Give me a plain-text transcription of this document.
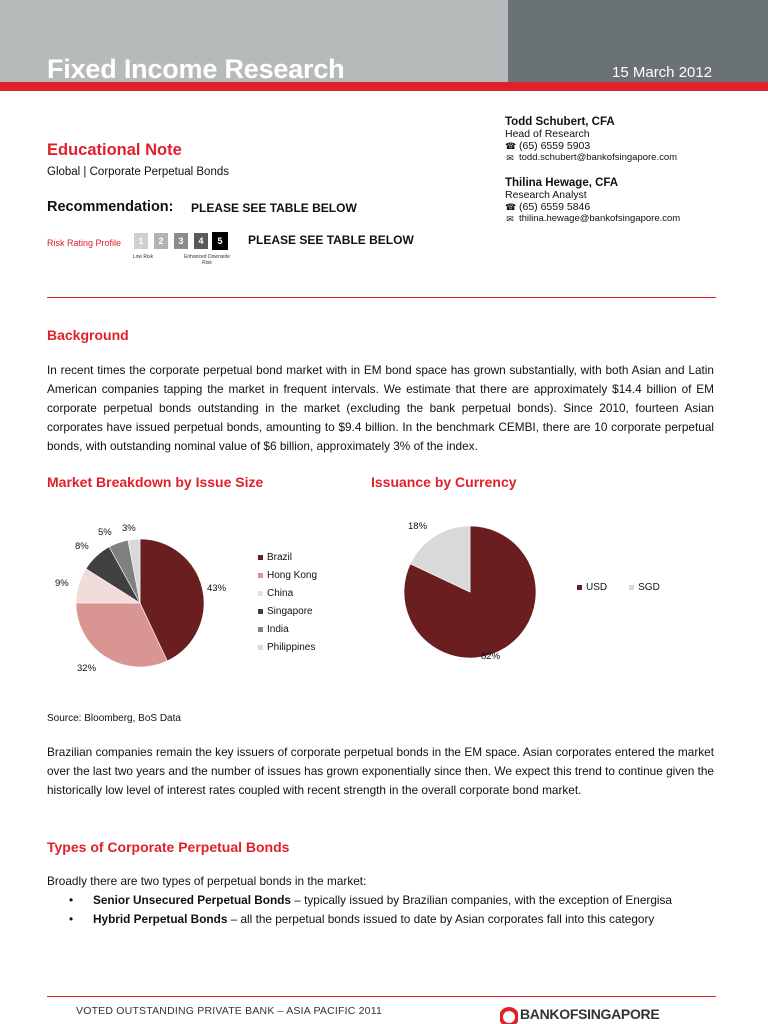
Fixed Income Research	15 March 2012
Todd Schubert, CFA
Head of Research
☎ (65) 6559 5903
✉ todd.schubert@bankofsingapore.com
Thilina Hewage, CFA
Research Analyst
☎ (65) 6559 5846
✉ thilina.hewage@bankofsingapore.com
Educational Note
Global | Corporate Perpetual Bonds
Recommendation: PLEASE SEE TABLE BELOW
Risk Rating Profile	1	2	3	4	5
Low Risk	Enhanced Downside Risk
PLEASE SEE TABLE BELOW
Background
In recent times the corporate perpetual bond market with in EM bond space has grown substantially, with both Asian and Latin American companies tapping the market in frequent intervals. We estimate that there are approximately $14.4 billion of EM corporate perpetual bonds outstanding in the market (excluding the bank perpetual bonds). Since 2010, fourteen Asian corporates have issued perpetual bonds, amounting to $9.4 billion. In the benchmark CEMBI, there are 10 corporate perpetual bonds, with outstanding nominal value of $6 billion, approximately 3% of the index.
Market Breakdown by Issue Size	Issuance by Currency
43%
32%
9%
8%
5% 3%
Brazil
Hong Kong
China
Singapore
India
Philippines
82%
18%
USD	SGD
Source: Bloomberg, BoS Data
Brazilian companies remain the key issuers of corporate perpetual bonds in the EM space. Asian corporates entered the market over the last two years and the number of issues has grown exponentially since then. We expect this trend to continue given the historically low level of interest rates coupled with recent strength in the overall corporate bond market.
Types of Corporate Perpetual Bonds
Broadly there are two types of perpetual bonds in the market:
• Senior Unsecured Perpetual Bonds – typically issued by Brazilian companies, with the exception of Energisa
• Hybrid Perpetual Bonds – all the perpetual bonds issued to date by Asian corporates fall into this category
VOTED OUTSTANDING PRIVATE BANK – ASIA PACIFIC 2011	BANKOFSINGAPORE
